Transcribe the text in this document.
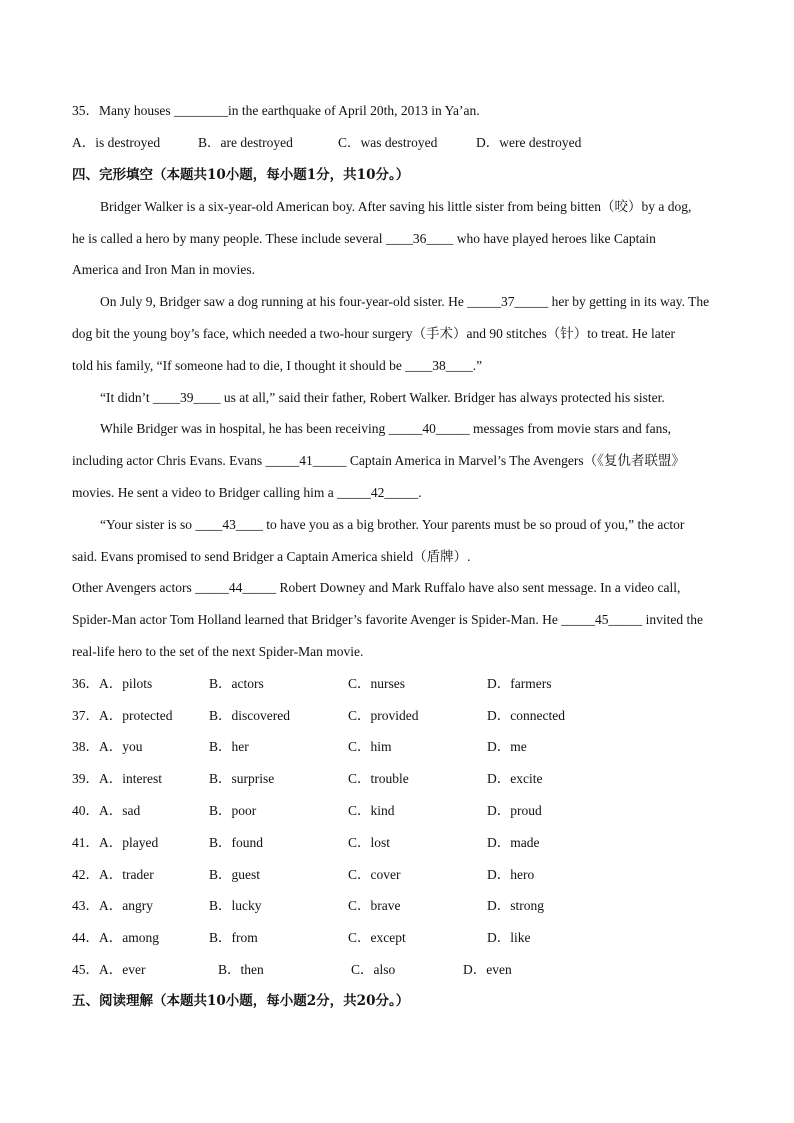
35．Many houses ________in the earthquake of April 20th, 2013 in Ya’an.
A．is destroyed	B．are destroyed	C．was destroyed	D．were destroyed
四、完形填空（本题共10小题，每小题1分，共10分。）
Bridger Walker is a six-year-old American boy. After saving his little sister from being bitten（咬）by a dog,
he is called a hero by many people. These include several ____36____ who have played heroes like Captain
America and Iron Man in movies.
On July 9, Bridger saw a dog running at his four-year-old sister. He _____37_____ her by getting in its way. The
dog bit the young boy’s face, which needed a two-hour surgery（手术）and 90 stitches（针）to treat. He later
told his family, “If someone had to die, I thought it should be ____38____.”
“It didn’t ____39____ us at all,” said their father, Robert Walker. Bridger has always protected his sister.
While Bridger was in hospital, he has been receiving _____40_____ messages from movie stars and fans,
including actor Chris Evans. Evans _____41_____ Captain America in Marvel’s The Avengers（《复仇者联盟》
movies. He sent a video to Bridger calling him a _____42_____.
“Your sister is so ____43____ to have you as a big brother. Your parents must be so proud of you,” the actor
said. Evans promised to send Bridger a Captain America shield（盾牌）.
Other Avengers actors _____44_____ Robert Downey and Mark Ruffalo have also sent message. In a video call,
Spider-Man actor Tom Holland learned that Bridger’s favorite Avenger is Spider-Man. He _____45_____ invited the
real-life hero to the set of the next Spider-Man movie.
36．A．pilots	B．actors	C．nurses	D．farmers
37．A．protected	B．discovered	C．provided	D．connected
38．A．you	B．her	C．him	D．me
39．A．interest	B．surprise	C．trouble	D．excite
40．A．sad	B．poor	C．kind	D．proud
41．A．played	B．found	C．lost	D．made
42．A．trader	B．guest	C．cover	D．hero
43．A．angry	B．lucky	C．brave	D．strong
44．A．among	B．from	C．except	D．like
45．A．ever	B．then	C．also	D．even
五、阅读理解（本题共10小题，每小题2分，共20分。）
